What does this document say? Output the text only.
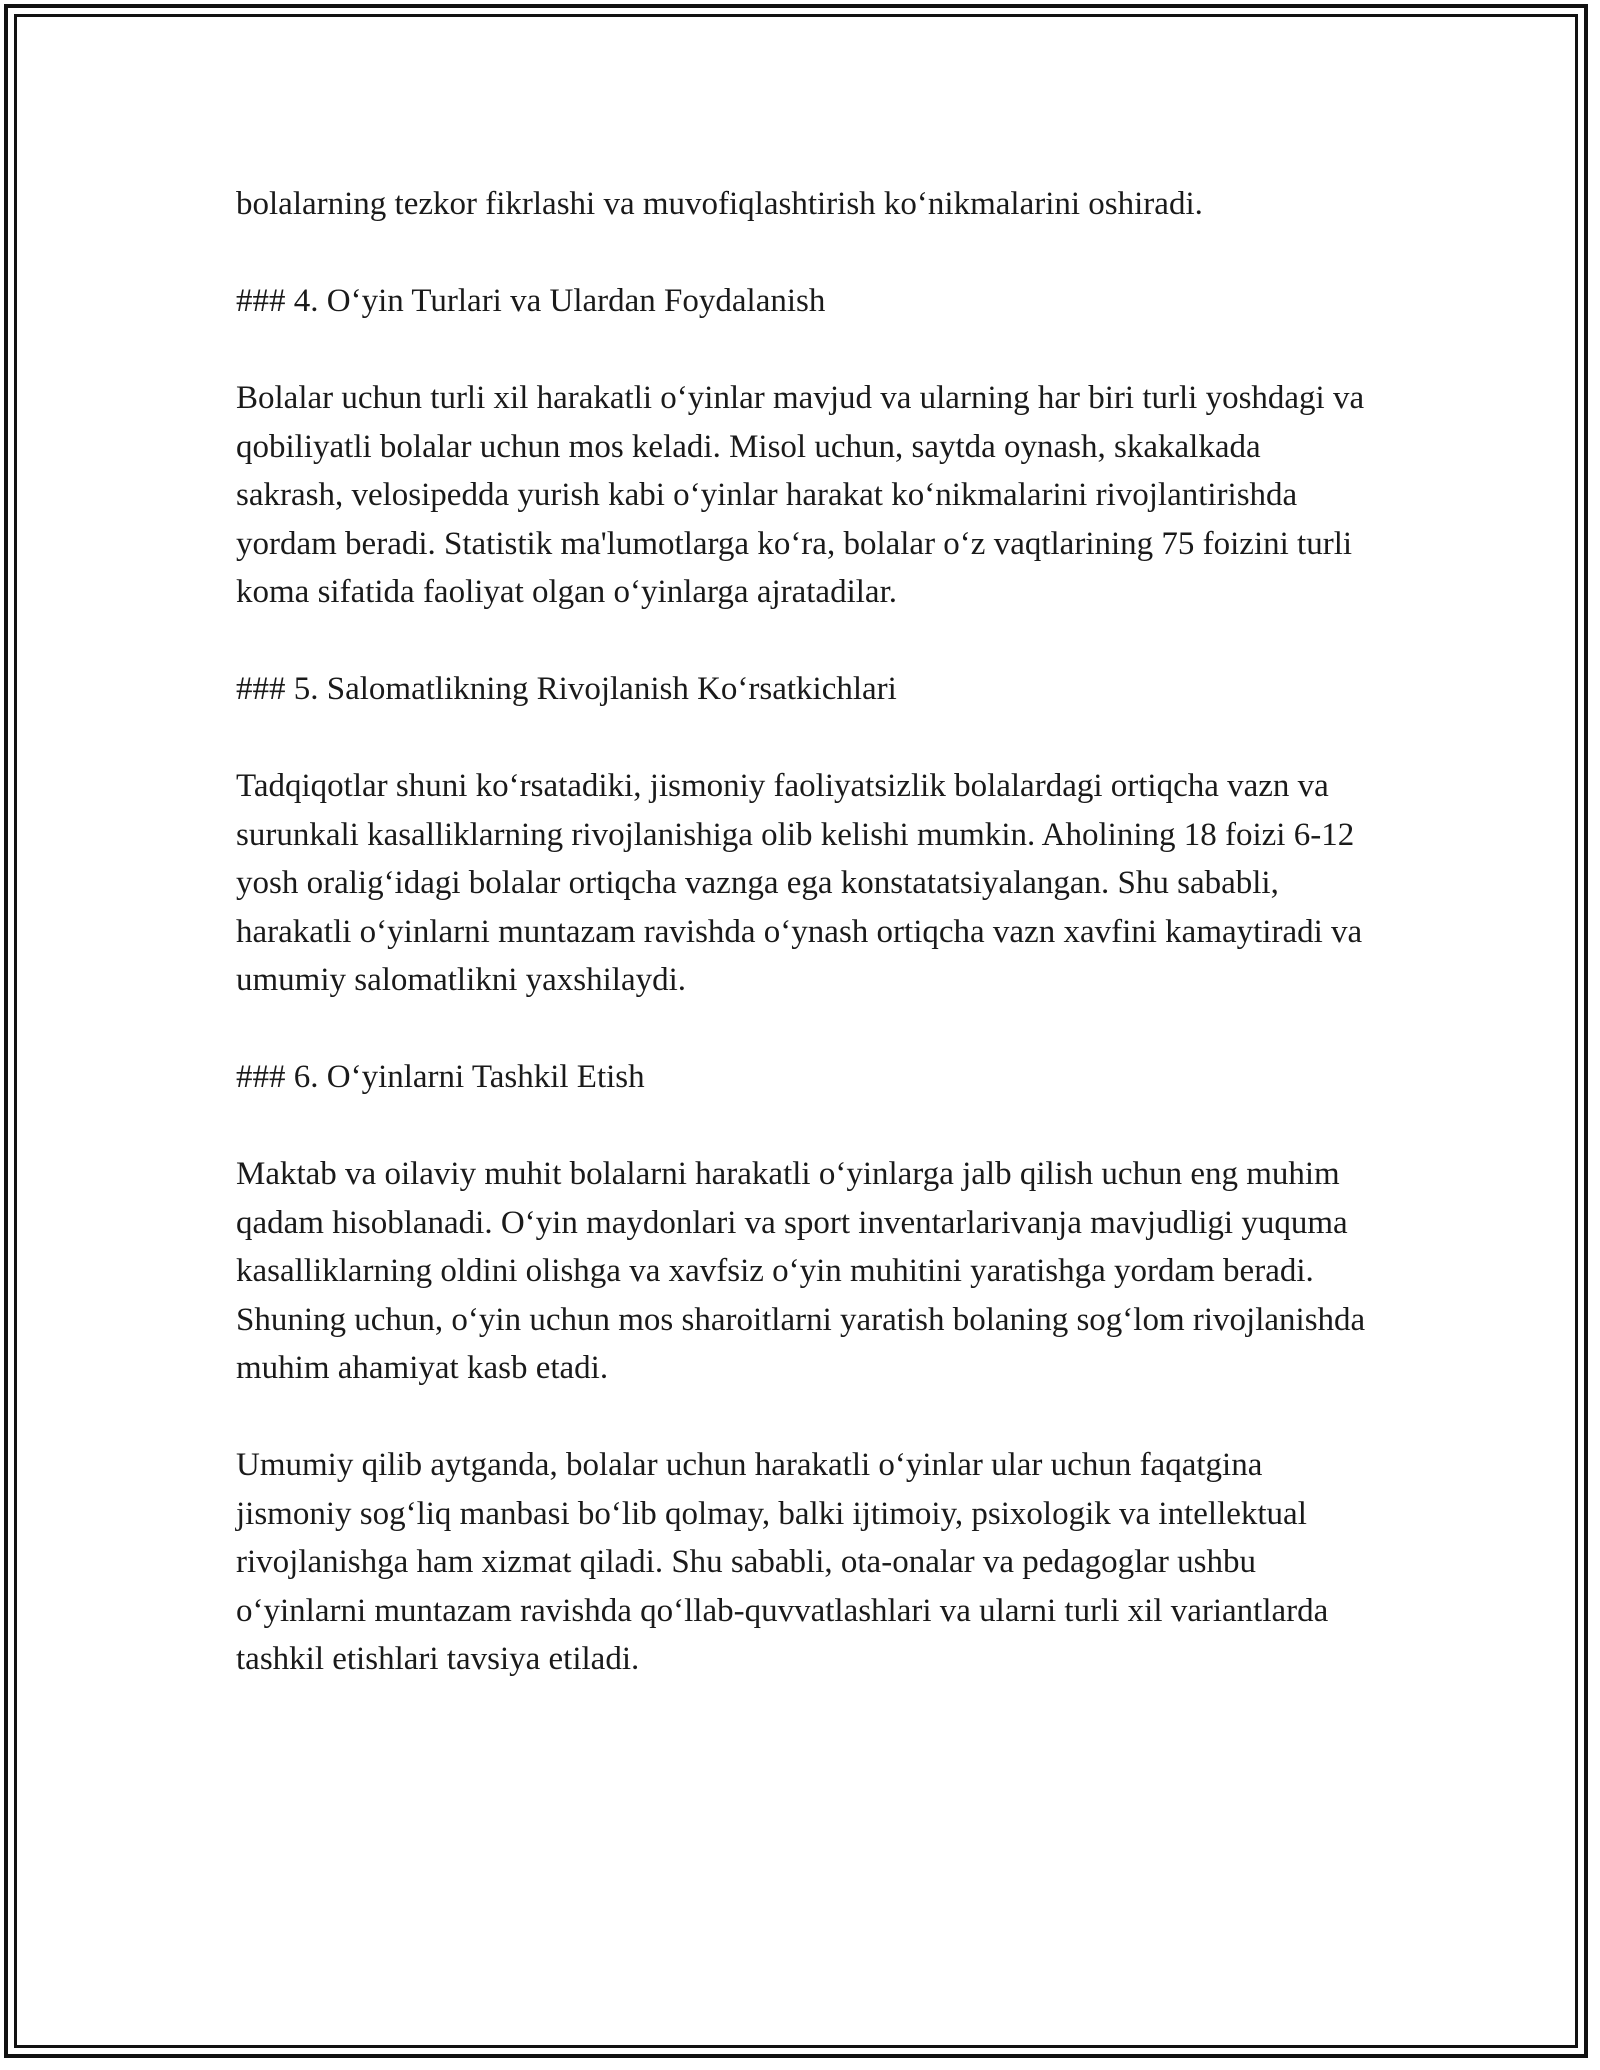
bolalarning tezkor fikrlashi va muvofiqlashtirish ko‘nikmalarini oshiradi.

### 4. O‘yin Turlari va Ulardan Foydalanish

Bolalar uchun turli xil harakatli o‘yinlar mavjud va ularning har biri turli yoshdagi va qobiliyatli bolalar uchun mos keladi. Misol uchun, saytda oynash, skakalkada sakrash, velosipedda yurish kabi o‘yinlar harakat ko‘nikmalarini rivojlantirishda yordam beradi. Statistik ma'lumotlarga ko‘ra, bolalar o‘z vaqtlarining 75 foizini turli koma sifatida faoliyat olgan o‘yinlarga ajratadilar.

### 5. Salomatlikning Rivojlanish Ko‘rsatkichlari

Tadqiqotlar shuni ko‘rsatadiki, jismoniy faoliyatsizlik bolalardagi ortiqcha vazn va surunkali kasalliklarning rivojlanishiga olib kelishi mumkin. Aholining 18 foizi 6-12 yosh oralig‘idagi bolalar ortiqcha vaznga ega konstatatsiyalangan. Shu sababli, harakatli o‘yinlarni muntazam ravishda o‘ynash ortiqcha vazn xavfini kamaytiradi va umumiy salomatlikni yaxshilaydi.

### 6. O‘yinlarni Tashkil Etish

Maktab va oilaviy muhit bolalarni harakatli o‘yinlarga jalb qilish uchun eng muhim qadam hisoblanadi. O‘yin maydonlari va sport inventarlarivanja mavjudligi yuquma kasalliklarning oldini olishga va xavfsiz o‘yin muhitini yaratishga yordam beradi. Shuning uchun, o‘yin uchun mos sharoitlarni yaratish bolaning sog‘lom rivojlanishda muhim ahamiyat kasb etadi.

Umumiy qilib aytganda, bolalar uchun harakatli o‘yinlar ular uchun faqatgina jismoniy sog‘liq manbasi bo‘lib qolmay, balki ijtimoiy, psixologik va intellektual rivojlanishga ham xizmat qiladi. Shu sababli, ota-onalar va pedagoglar ushbu o‘yinlarni muntazam ravishda qo‘llab-quvvatlashlari va ularni turli xil variantlarda tashkil etishlari tavsiya etiladi.
